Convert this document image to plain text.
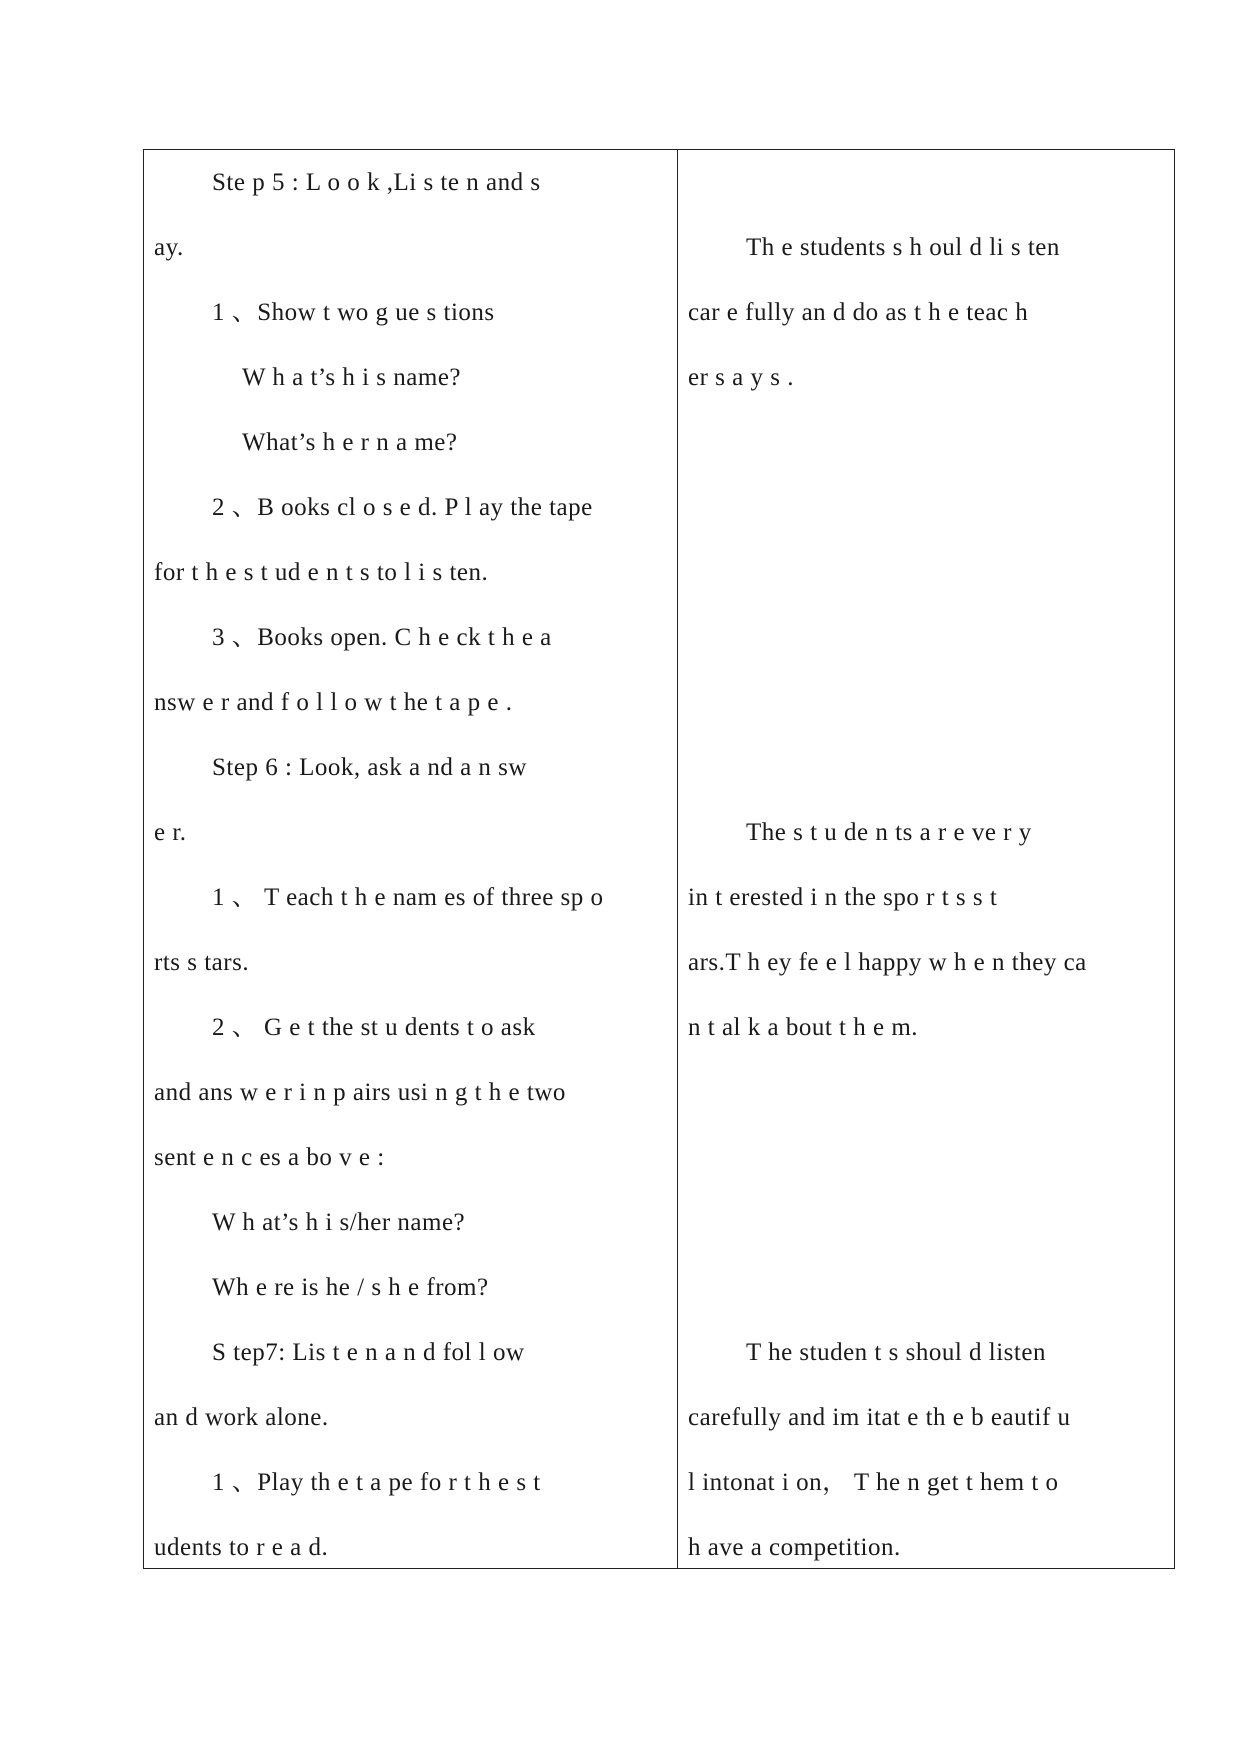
Ste p 5 : L o o k ,Li s te n and s
ay.
1 、Show t wo g ue s tions
W h a t’s h i s name?
What’s h e r n a me?
2 、B ooks cl o s e d. P l ay the tape
for t h e s t ud e n t s to l i s ten.
3 、Books open. C h e ck t h e a
nsw e r and f o l l o w t he t a p e .
Step 6 : Look, ask a nd a n sw
e r.
1 、 T each t h e nam es of three sp o
rts s tars.
2 、 G e t the st u dents t o ask
and ans w e r i n p airs usi n g t h e two
sent e n c es a bo v e :
W h at’s h i s/her name?
Wh e re is he / s h e from?
S tep7: Lis t e n a n d fol l ow
an d work alone.
1 、Play th e t a pe fo r t h e s t
udents to r e a d.
Th e students s h oul d li s ten
car e fully an d do as t h e teac h
er s a y s .
The s t u de n ts a r e ve r y
in t erested i n the spo r t s s t
ars.T h ey fe e l happy w h e n they ca
n t al k a bout t h e m.
T he studen t s shoul d listen
carefully and im itat e th e b eautif u
l intonat i on， T he n get t hem t o
h ave a competition.
